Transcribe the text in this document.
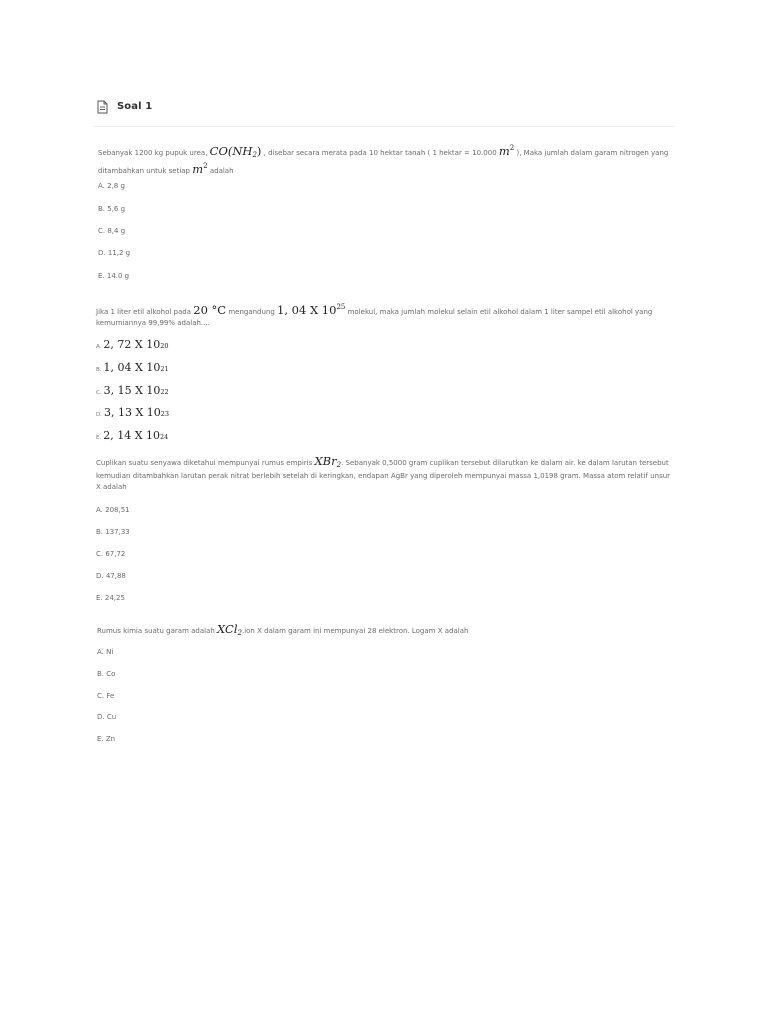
Soal 1
Sebanyak 1200 kg pupuk urea, CO(NH2) , disebar secara merata pada 10 hektar tanah ( 1 hektar = 10.000 m2 ), Maka jumlah dalam garam nitrogen yang ditambahkan untuk setiap m2 adalah
A. 2,8 g
B. 5,6 g
C. 8,4 g
D. 11,2 g
E. 14.0 g
Jika 1 liter etil alkohol pada 20 °C mengandung 1, 04 X 1025 molekul, maka jumlah molekul selain etil alkohol dalam 1 liter sampel etil alkohol yang kemurniannya 99,99% adalah....
A. 2, 72 X 10 20
B. 1, 04 X 10 21
C. 3, 15 X 10 22
D. 3, 13 X 10 23
E. 2, 14 X 10 24
Cuplikan suatu senyawa diketahui mempunyai rumus empiris XBr2. Sebanyak 0,5000 gram cuplikan tersebut dilarutkan ke dalam air. ke dalam larutan tersebut kemudian ditambahkan larutan perak nitrat berlebih setelah di keringkan, endapan AgBr yang diperoleh mempunyai massa 1,0198 gram. Massa atom relatif unsur X adalah
A. 208,51
B. 137,33
C. 67,72
D. 47,88
E. 24,25
Rumus kimia suatu garam adalah XCl2.ion X dalam garam ini mempunyai 28 elektron. Logam X adalah
A. Ni
B. Co
C. Fe
D. Cu
E. Zn
